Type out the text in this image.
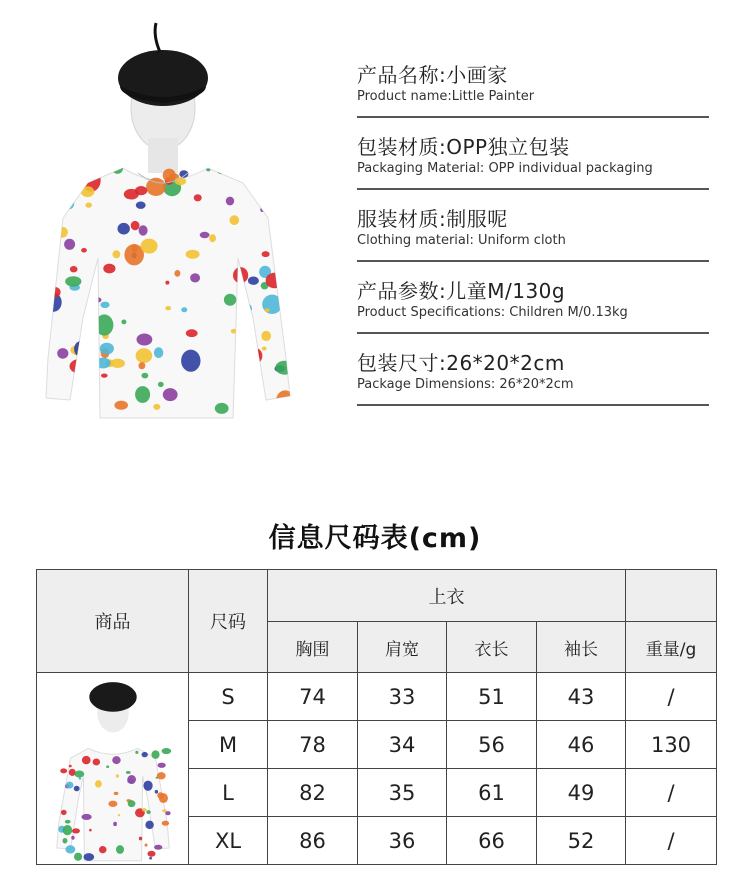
产品名称:小画家
Product name:Little Painter
包装材质:OPP独立包装
Packaging Material: OPP individual packaging
服装材质:制服呢
Clothing material: Uniform cloth
产品参数:儿童M/130g
Product Specifications: Children M/0.13kg
包装尺寸:26*20*2cm
Package Dimensions: 26*20*2cm
信息尺码表(cm)
商品	尺码	上衣				
		胸围	肩宽	衣长	袖长	重量/g

	S	74	33	51	43	/
	M	78	34	56	46	130
	L	82	35	61	49	/
	XL	86	36	66	52	/
